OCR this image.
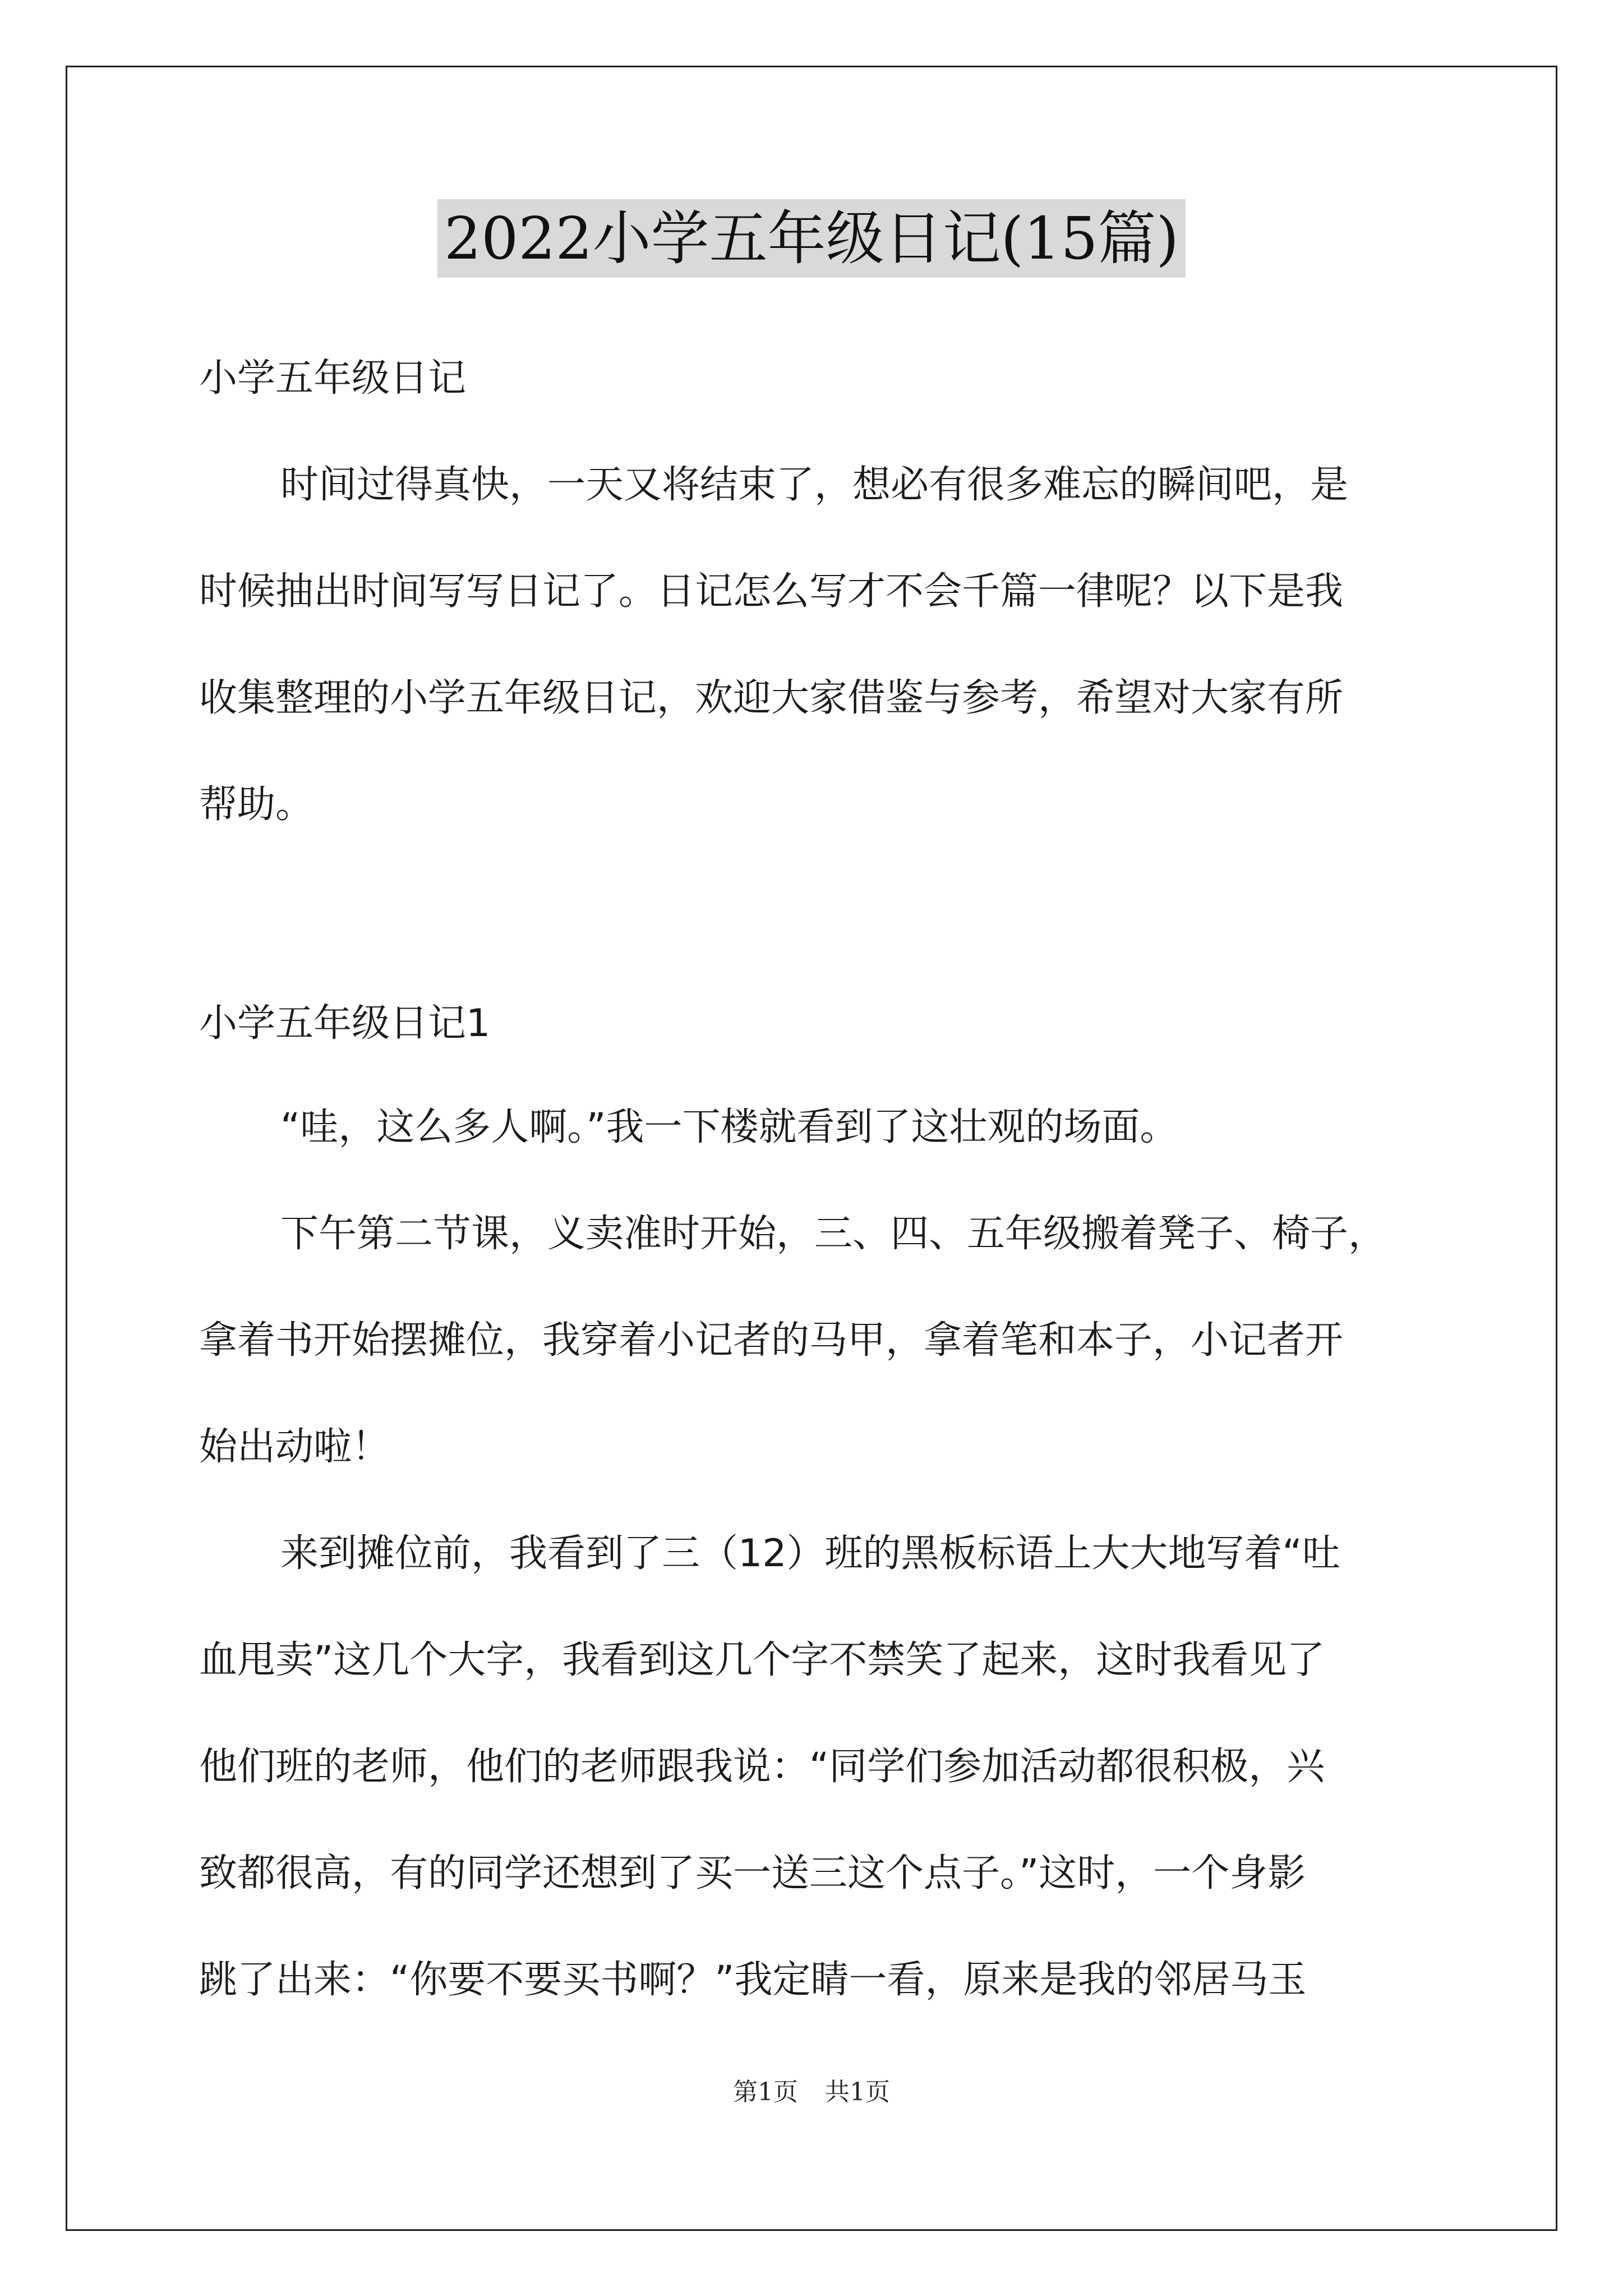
2022小学五年级日记(15篇)
小学五年级日记
时间过得真快，一天又将结束了，想必有很多难忘的瞬间吧，是
时候抽出时间写写日记了。日记怎么写才不会千篇一律呢？以下是我
收集整理的小学五年级日记，欢迎大家借鉴与参考，希望对大家有所
帮助。
小学五年级日记1
“哇，这么多人啊。”我一下楼就看到了这壮观的场面。
下午第二节课，义卖准时开始，三、四、五年级搬着凳子、椅子，
拿着书开始摆摊位，我穿着小记者的马甲，拿着笔和本子，小记者开
始出动啦！
来到摊位前，我看到了三（12）班的黑板标语上大大地写着“吐
血甩卖”这几个大字，我看到这几个字不禁笑了起来，这时我看见了
他们班的老师，他们的老师跟我说：“同学们参加活动都很积极，兴
致都很高，有的同学还想到了买一送三这个点子。”这时，一个身影
跳了出来：“你要不要买书啊？”我定睛一看，原来是我的邻居马玉
第1页 共1页
